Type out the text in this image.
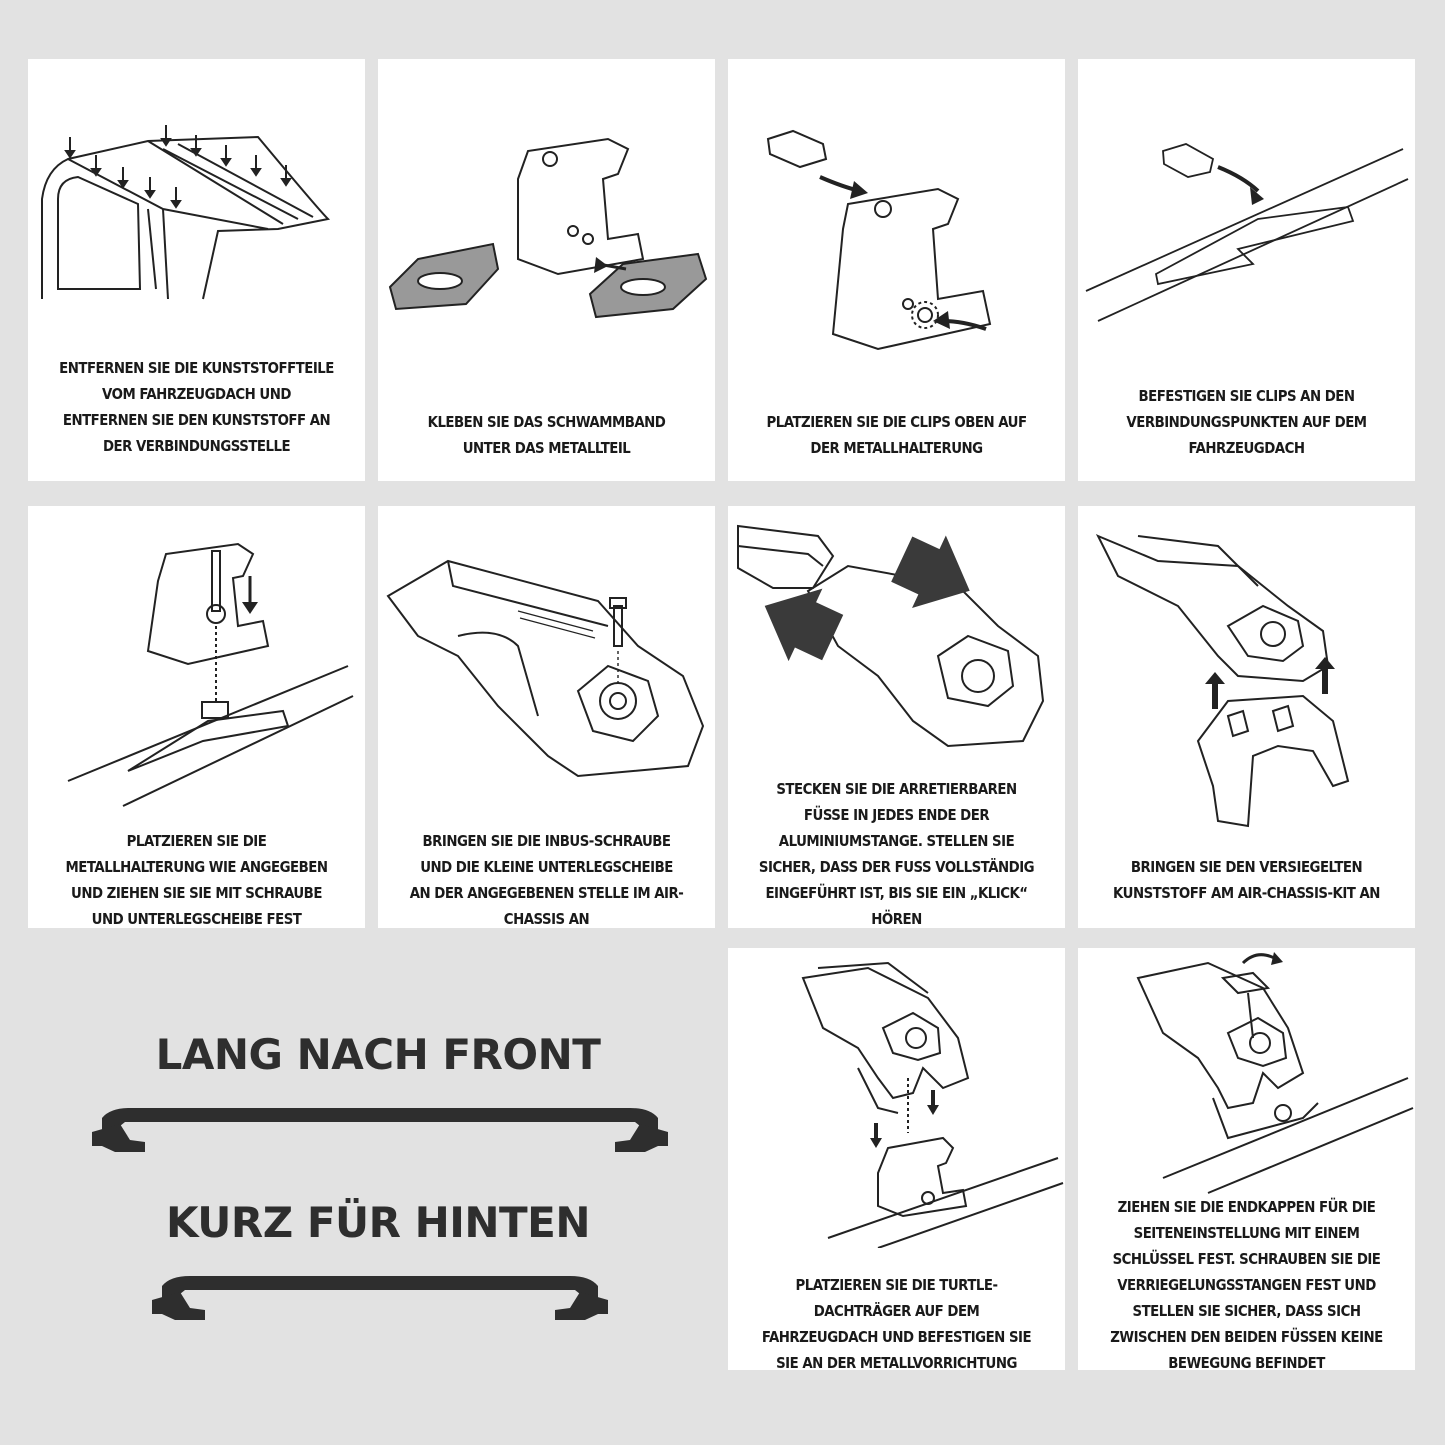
ENTFERNEN SIE DIE KUNSTSTOFFTEILE VOM FAHRZEUGDACH UND ENTFERNEN SIE DEN KUNSTSTOFF AN DER VERBINDUNGSSTELLE
KLEBEN SIE DAS SCHWAMMBAND UNTER DAS METALLTEIL
PLATZIEREN SIE DIE CLIPS OBEN AUF DER METALLHALTERUNG
BEFESTIGEN SIE CLIPS AN DEN VERBINDUNGSPUNKTEN AUF DEM FAHRZEUGDACH
PLATZIEREN SIE DIE METALLHALTERUNG WIE ANGEGEBEN UND ZIEHEN SIE SIE MIT SCHRAUBE UND UNTERLEGSCHEIBE FEST
BRINGEN SIE DIE INBUS-SCHRAUBE UND DIE KLEINE UNTERLEGSCHEIBE AN DER ANGEGEBENEN STELLE IM AIR-CHASSIS AN
STECKEN SIE DIE ARRETIERBAREN FÜSSE IN JEDES ENDE DER ALUMINIUMSTANGE. STELLEN SIE SICHER, DASS DER FUSS VOLLSTÄNDIG EINGEFÜHRT IST, BIS SIE EIN „KLICK“ HÖREN
BRINGEN SIE DEN VERSIEGELTEN KUNSTSTOFF AM AIR-CHASSIS-KIT AN
LANG NACH FRONT
KURZ FÜR HINTEN
PLATZIEREN SIE DIE TURTLE-DACHTRÄGER AUF DEM FAHRZEUGDACH UND BEFESTIGEN SIE SIE AN DER METALLVORRICHTUNG
ZIEHEN SIE DIE ENDKAPPEN FÜR DIE SEITENEINSTELLUNG MIT EINEM SCHLÜSSEL FEST. SCHRAUBEN SIE DIE VERRIEGELUNGSSTANGEN FEST UND STELLEN SIE SICHER, DASS SICH ZWISCHEN DEN BEIDEN FÜSSEN KEINE BEWEGUNG BEFINDET
